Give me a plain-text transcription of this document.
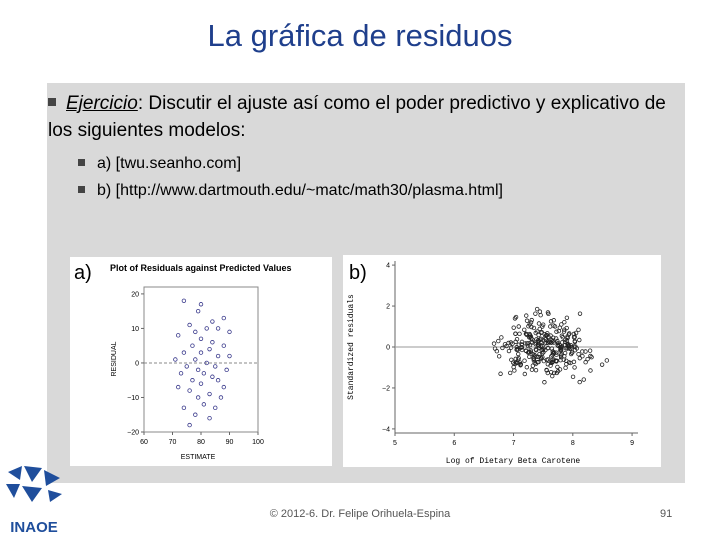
La gráfica de residuos
Ejercicio: Discutir el ajuste así como el poder predictivo y explicativo de los siguientes modelos:
a) [twu.seanho.com]
b) [http://www.dartmouth.edu/~matc/math30/plasma.html]
Plot of Residuals against Predicted Values
60	70	80	90	100
20
10
0
−10
−20
ESTIMATE
RESIDUAL
a)
5	6	7	8	9
4
2
0
−2
−4
Log of Dietary Beta Carotene
Standardized residuals
b)
INAOE
© 2012-6. Dr. Felipe Orihuela-Espina	91
